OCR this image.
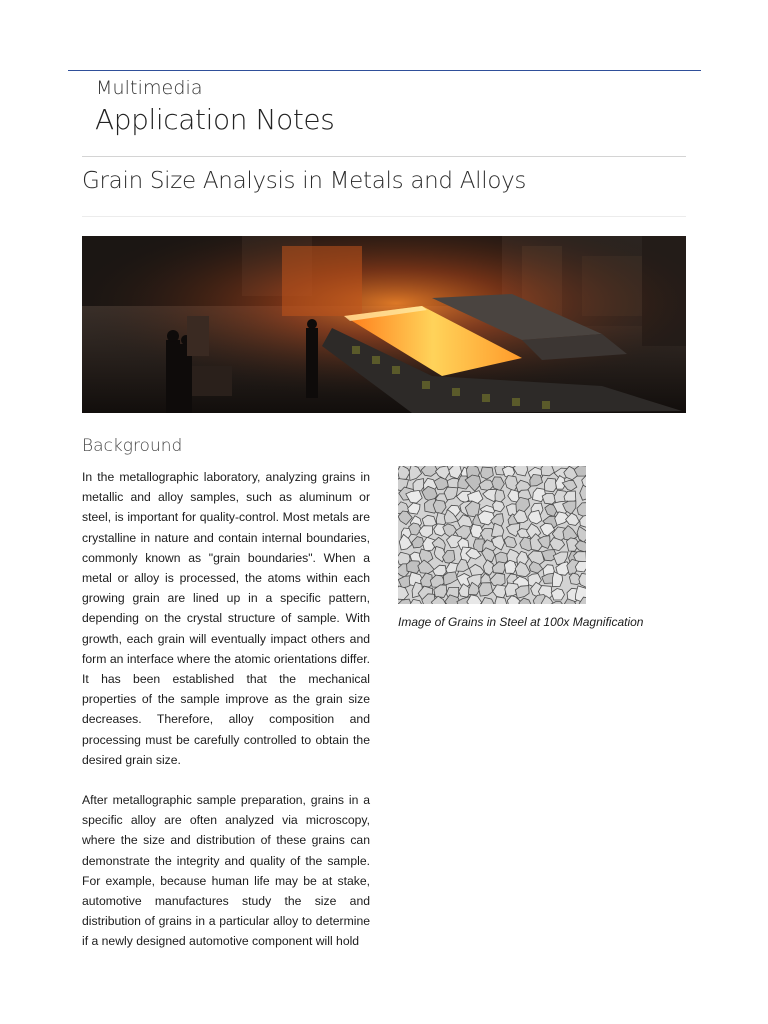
Multimedia
Application Notes
Grain Size Analysis in Metals and Alloys
Background

In the metallographic laboratory, analyzing grains in metallic and alloy samples, such as aluminum or steel, is important for quality-control. Most metals are crystalline in nature and contain internal boundaries, commonly known as "grain boundaries". When a metal or alloy is processed, the atoms within each growing grain are lined up in a specific pattern, depending on the crystal structure of sample. With growth, each grain will eventually impact others and form an interface where the atomic orientations differ. It has been established that the mechanical properties of the sample improve as the grain size decreases. Therefore, alloy composition and processing must be carefully controlled to obtain the desired grain size.

After metallographic sample preparation, grains in a specific alloy are often analyzed via microscopy, where the size and distribution of these grains can demonstrate the integrity and quality of the sample. For example, because human life may be at stake, automotive manufactures study the size and distribution of grains in a particular alloy to determine if a newly designed automotive component will hold

Image of Grains in Steel at 100x Magnification
